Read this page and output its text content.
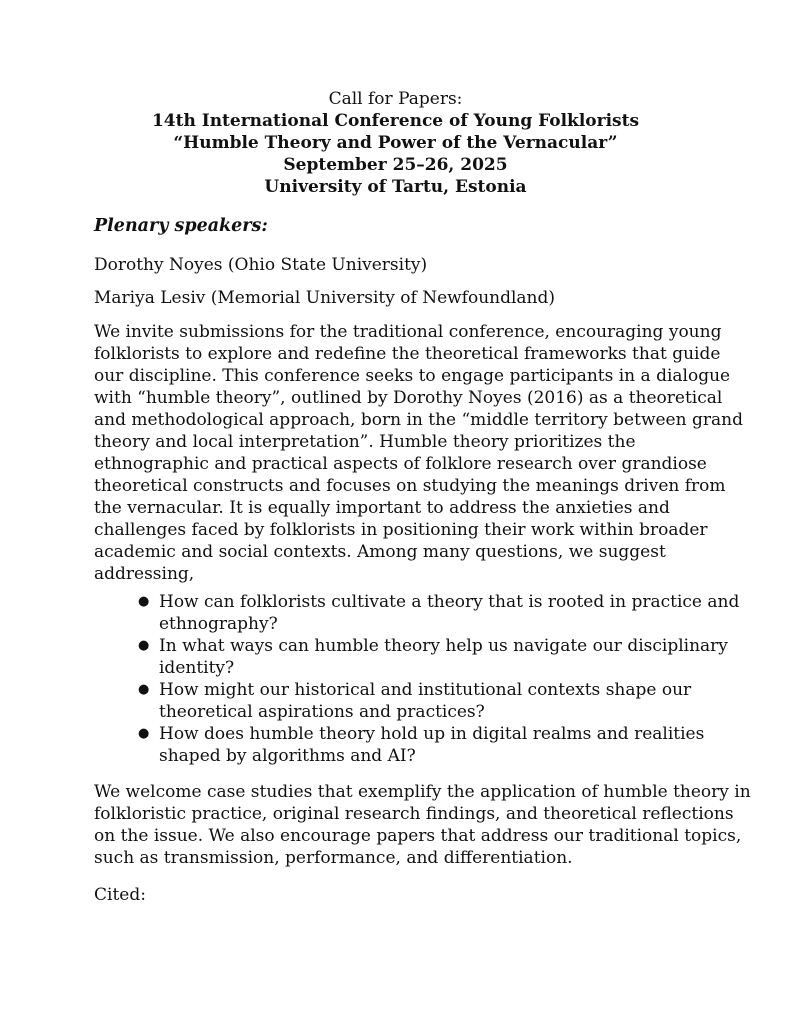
Call for Papers:
14th International Conference of Young Folklorists
“Humble Theory and Power of the Vernacular”
September 25–26, 2025
University of Tartu, Estonia
Plenary speakers:
Dorothy Noyes (Ohio State University)
Mariya Lesiv (Memorial University of Newfoundland)
We invite submissions for the traditional conference, encouraging young
folklorists to explore and redefine the theoretical frameworks that guide
our discipline. This conference seeks to engage participants in a dialogue
with “humble theory”, outlined by Dorothy Noyes (2016) as a theoretical
and methodological approach, born in the “middle territory between grand
theory and local interpretation”. Humble theory prioritizes the
ethnographic and practical aspects of folklore research over grandiose
theoretical constructs and focuses on studying the meanings driven from
the vernacular. It is equally important to address the anxieties and
challenges faced by folklorists in positioning their work within broader
academic and social contexts. Among many questions, we suggest
addressing,
● How can folklorists cultivate a theory that is rooted in practice and
ethnography?
● In what ways can humble theory help us navigate our disciplinary
identity?
● How might our historical and institutional contexts shape our
theoretical aspirations and practices?
● How does humble theory hold up in digital realms and realities
shaped by algorithms and AI?
We welcome case studies that exemplify the application of humble theory in
folkloristic practice, original research findings, and theoretical reflections
on the issue. We also encourage papers that address our traditional topics,
such as transmission, performance, and differentiation.
Cited:
